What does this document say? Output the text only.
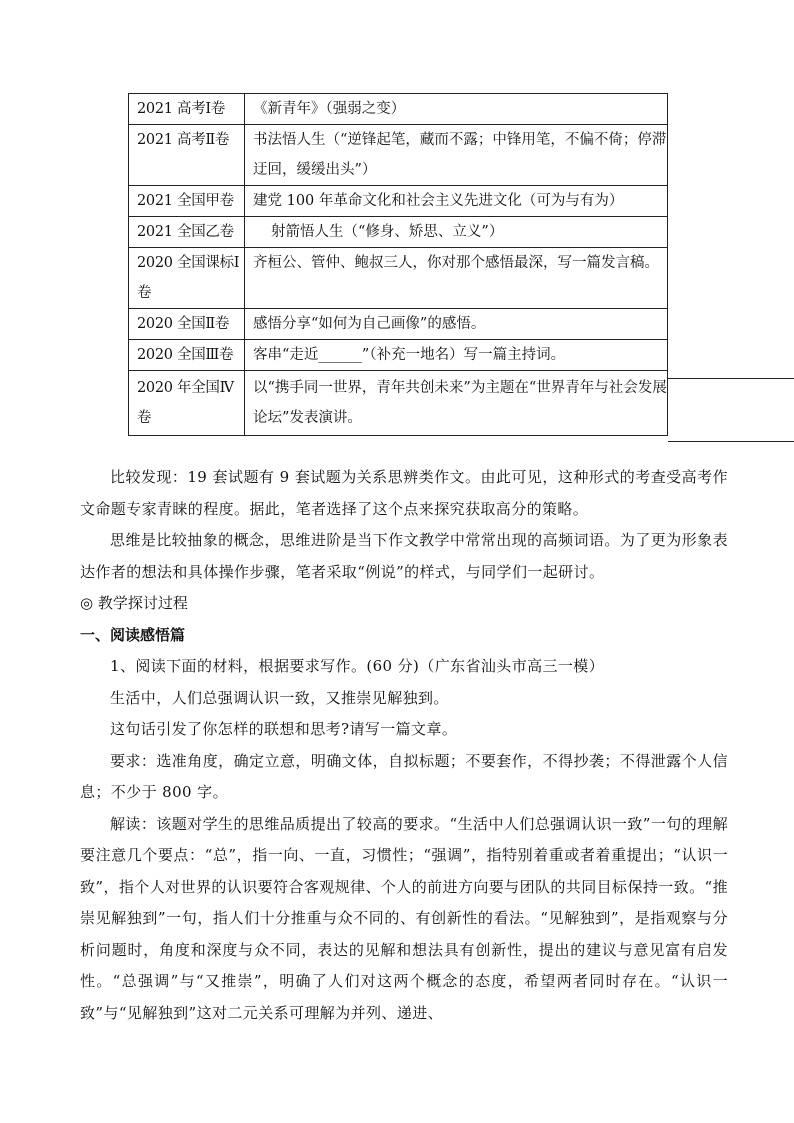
2021 高考Ⅰ卷	《新青年》（强弱之变）
2021 高考Ⅱ卷	书法悟人生（“逆锋起笔，藏而不露；中锋用笔，不偏不倚；停滞迂回，缓缓出头”）
2021 全国甲卷	建党 100 年革命文化和社会主义先进文化（可为与有为）
2021 全国乙卷	射箭悟人生（“修身、矫思、立义”）
2020 全国课标Ⅰ卷	齐桓公、管仲、鲍叔三人，你对那个感悟最深，写一篇发言稿。
2020 全国Ⅱ卷	感悟分享“如何为自己画像”的感悟。
2020 全国Ⅲ卷	客串“走近______”（补充一地名）写一篇主持词。
2020 年全国Ⅳ卷	以“携手同一世界，青年共创未来”为主题在“世界青年与社会发展论坛”发表演讲。

比较发现：19 套试题有 9 套试题为关系思辨类作文。由此可见，这种形式的考查受高考作文命题专家青睐的程度。据此，笔者选择了这个点来探究获取高分的策略。

思维是比较抽象的概念，思维进阶是当下作文教学中常常出现的高频词语。为了更为形象表达作者的想法和具体操作步骤，笔者采取“例说”的样式，与同学们一起研讨。

◎ 教学探讨过程

一、阅读感悟篇

1、阅读下面的材料，根据要求写作。(60 分)（广东省汕头市高三一模）

生活中，人们总强调认识一致，又推崇见解独到。

这句话引发了你怎样的联想和思考?请写一篇文章。

要求：选准角度，确定立意，明确文体，自拟标题；不要套作，不得抄袭；不得泄露个人信息；不少于 800 字。

解读：该题对学生的思维品质提出了较高的要求。“生活中人们总强调认识一致”一句的理解要注意几个要点：“总”，指一向、一直，习惯性；“强调”，指特别着重或者着重提出；“认识一致”，指个人对世界的认识要符合客观规律、个人的前进方向要与团队的共同目标保持一致。“推崇见解独到”一句，指人们十分推重与众不同的、有创新性的看法。“见解独到”，是指观察与分析问题时，角度和深度与众不同，表达的见解和想法具有创新性，提出的建议与意见富有启发性。“总强调”与“又推崇”，明确了人们对这两个概念的态度，希望两者同时存在。“认识一致”与“见解独到”这对二元关系可理解为并列、递进、
